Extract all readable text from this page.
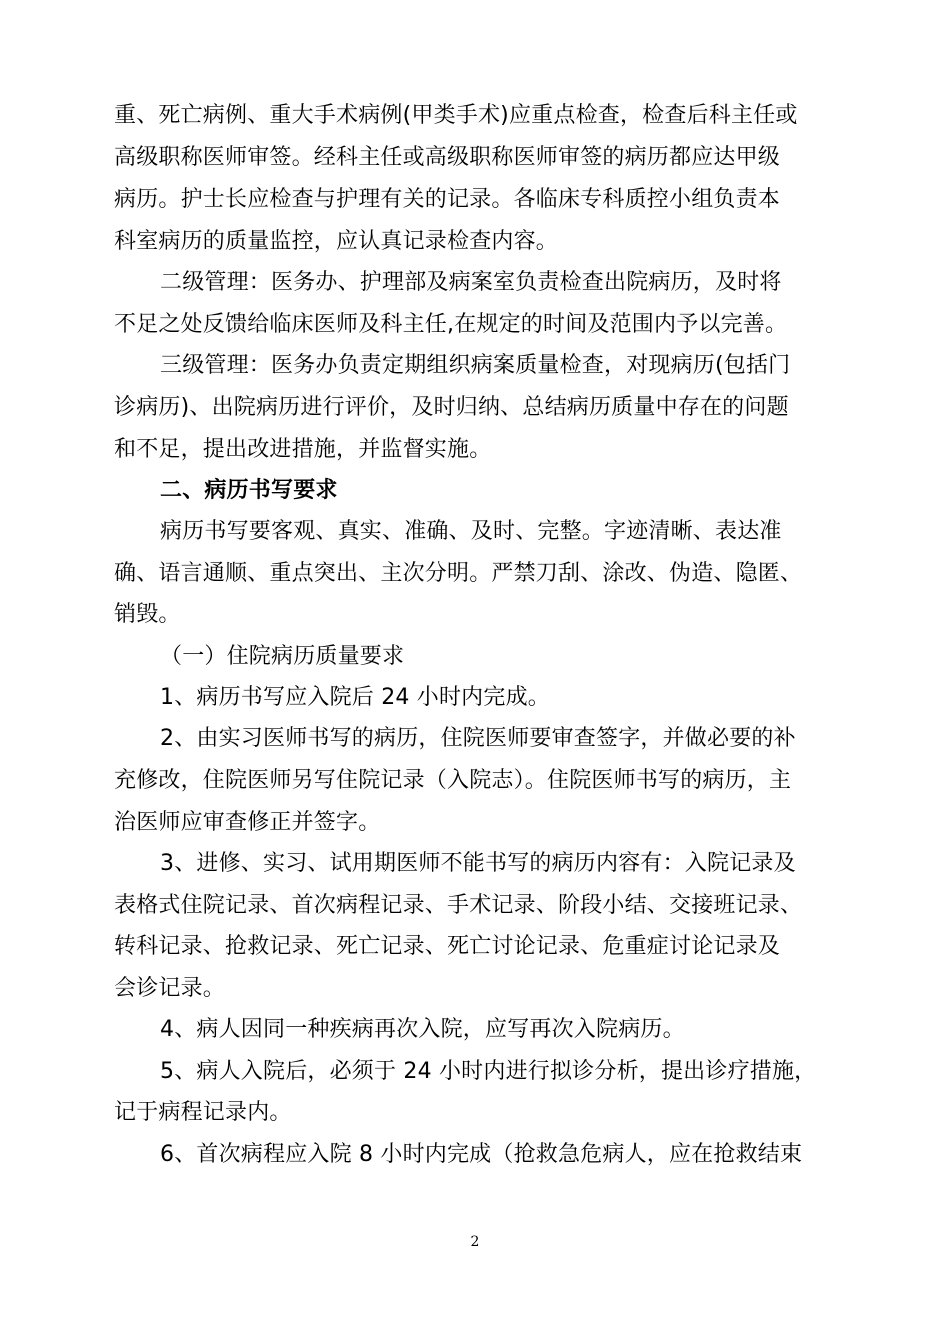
重、死亡病例、重大手术病例(甲类手术)应重点检查，检查后科主任或
高级职称医师审签。经科主任或高级职称医师审签的病历都应达甲级
病历。护士长应检查与护理有关的记录。各临床专科质控小组负责本
科室病历的质量监控，应认真记录检查内容。
二级管理：医务办、护理部及病案室负责检查出院病历，及时将
不足之处反馈给临床医师及科主任,在规定的时间及范围内予以完善。
三级管理：医务办负责定期组织病案质量检查，对现病历(包括门
诊病历)、出院病历进行评价，及时归纳、总结病历质量中存在的问题
和不足，提出改进措施，并监督实施。
二、病历书写要求
病历书写要客观、真实、准确、及时、完整。字迹清晰、表达准
确、语言通顺、重点突出、主次分明。严禁刀刮、涂改、伪造、隐匿、
销毁。
（一）住院病历质量要求
1、病历书写应入院后 24 小时内完成。
2、由实习医师书写的病历，住院医师要审查签字，并做必要的补
充修改，住院医师另写住院记录（入院志）。住院医师书写的病历，主
治医师应审查修正并签字。
3、进修、实习、试用期医师不能书写的病历内容有：入院记录及
表格式住院记录、首次病程记录、手术记录、阶段小结、交接班记录、
转科记录、抢救记录、死亡记录、死亡讨论记录、危重症讨论记录及
会诊记录。
4、病人因同一种疾病再次入院，应写再次入院病历。
5、病人入院后，必须于 24 小时内进行拟诊分析，提出诊疗措施，
记于病程记录内。
6、首次病程应入院 8 小时内完成（抢救急危病人，应在抢救结束
2
